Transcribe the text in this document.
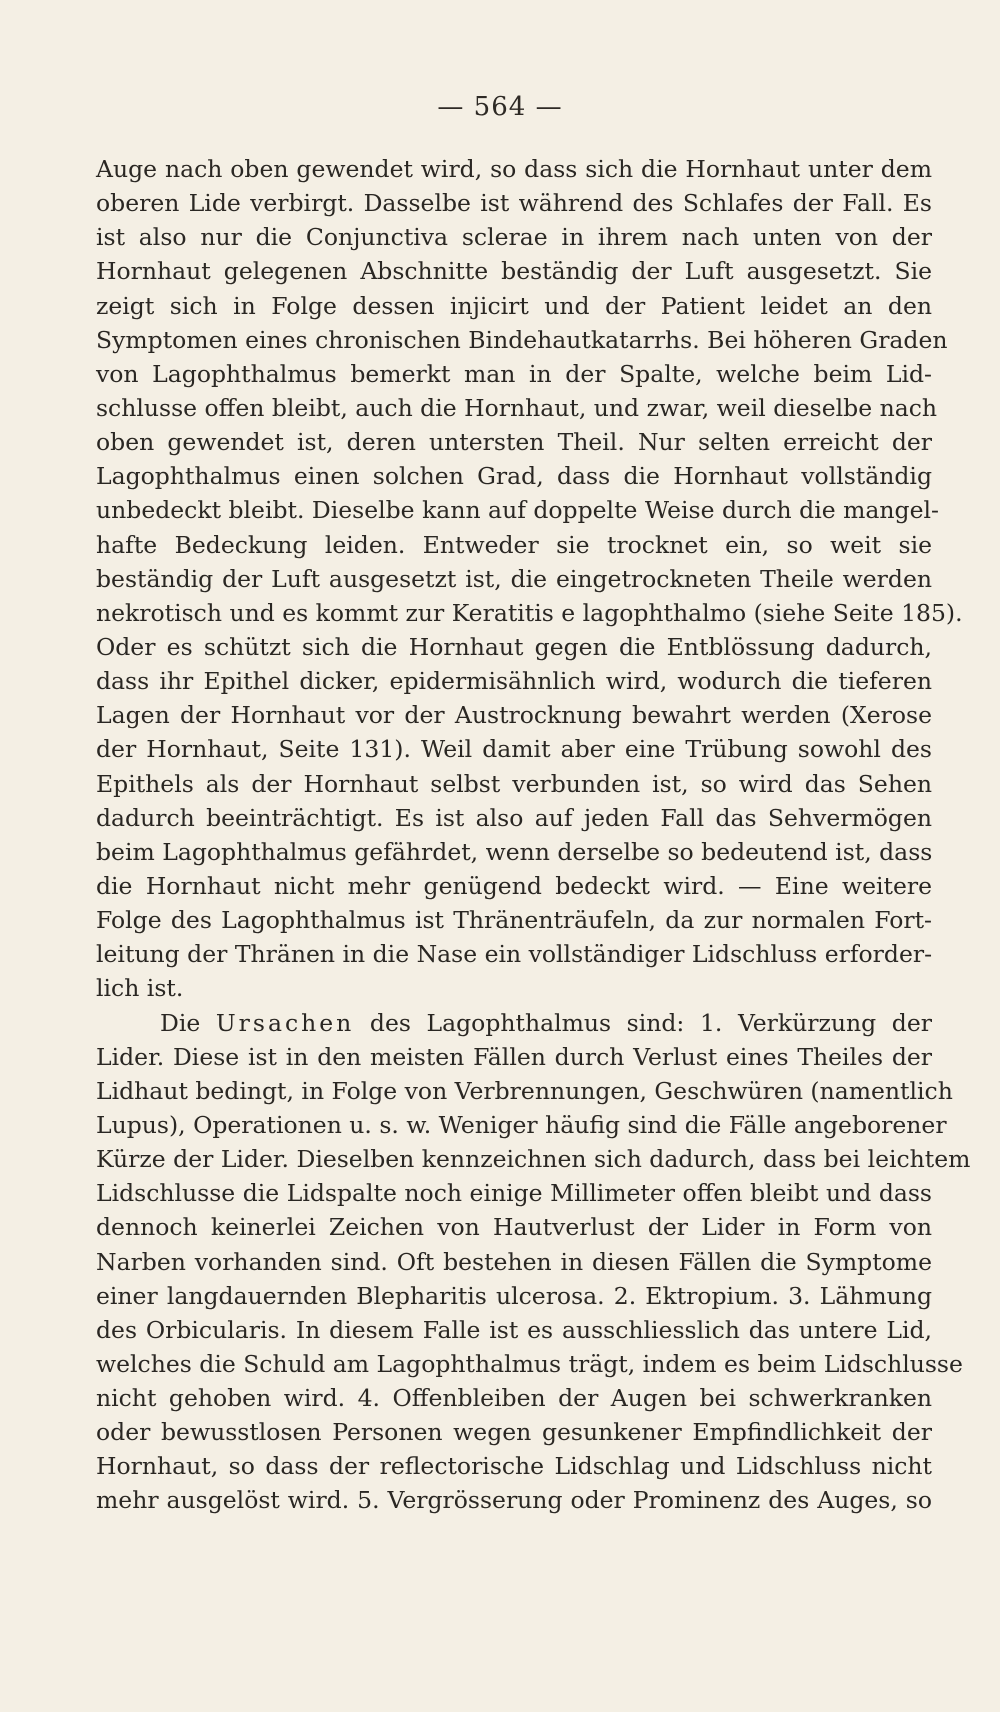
— 564 —
Auge nach oben gewendet wird, so dass sich die Hornhaut unter dem
oberen Lide verbirgt. Dasselbe ist während des Schlafes der Fall. Es
ist also nur die Conjunctiva sclerae in ihrem nach unten von der
Hornhaut gelegenen Abschnitte beständig der Luft ausgesetzt. Sie
zeigt sich in Folge dessen injicirt und der Patient leidet an den
Symptomen eines chronischen Bindehautkatarrhs. Bei höheren Graden
von Lagophthalmus bemerkt man in der Spalte, welche beim Lid-
schlusse offen bleibt, auch die Hornhaut, und zwar, weil dieselbe nach
oben gewendet ist, deren untersten Theil. Nur selten erreicht der
Lagophthalmus einen solchen Grad, dass die Hornhaut vollständig
unbedeckt bleibt. Dieselbe kann auf doppelte Weise durch die mangel-
hafte Bedeckung leiden. Entweder sie trocknet ein, so weit sie
beständig der Luft ausgesetzt ist, die eingetrockneten Theile werden
nekrotisch und es kommt zur Keratitis e lagophthalmo (siehe Seite 185).
Oder es schützt sich die Hornhaut gegen die Entblössung dadurch,
dass ihr Epithel dicker, epidermisähnlich wird, wodurch die tieferen
Lagen der Hornhaut vor der Austrocknung bewahrt werden (Xerose
der Hornhaut, Seite 131). Weil damit aber eine Trübung sowohl des
Epithels als der Hornhaut selbst verbunden ist, so wird das Sehen
dadurch beeinträchtigt. Es ist also auf jeden Fall das Sehvermögen
beim Lagophthalmus gefährdet, wenn derselbe so bedeutend ist, dass
die Hornhaut nicht mehr genügend bedeckt wird. — Eine weitere
Folge des Lagophthalmus ist Thränenträufeln, da zur normalen Fort-
leitung der Thränen in die Nase ein vollständiger Lidschluss erforder-
lich ist.
Die Ursachen des Lagophthalmus sind: 1. Verkürzung der
Lider. Diese ist in den meisten Fällen durch Verlust eines Theiles der
Lidhaut bedingt, in Folge von Verbrennungen, Geschwüren (namentlich
Lupus), Operationen u. s. w. Weniger häufig sind die Fälle angeborener
Kürze der Lider. Dieselben kennzeichnen sich dadurch, dass bei leichtem
Lidschlusse die Lidspalte noch einige Millimeter offen bleibt und dass
dennoch keinerlei Zeichen von Hautverlust der Lider in Form von
Narben vorhanden sind. Oft bestehen in diesen Fällen die Symptome
einer langdauernden Blepharitis ulcerosa. 2. Ektropium. 3. Lähmung
des Orbicularis. In diesem Falle ist es ausschliesslich das untere Lid,
welches die Schuld am Lagophthalmus trägt, indem es beim Lidschlusse
nicht gehoben wird. 4. Offenbleiben der Augen bei schwerkranken
oder bewusstlosen Personen wegen gesunkener Empfindlichkeit der
Hornhaut, so dass der reflectorische Lidschlag und Lidschluss nicht
mehr ausgelöst wird. 5. Vergrösserung oder Prominenz des Auges, so
